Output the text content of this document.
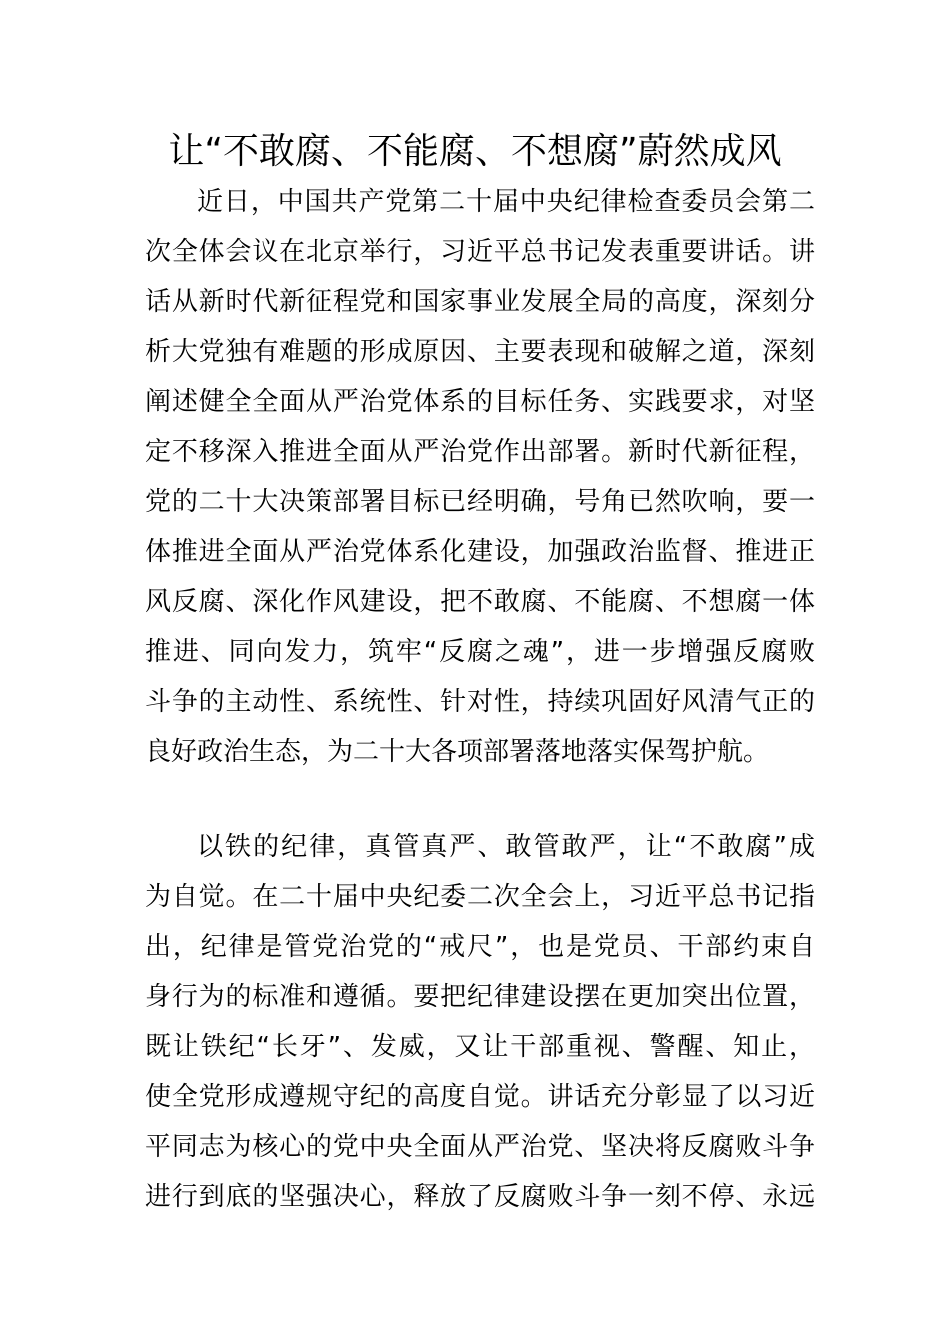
让“不敢腐、不能腐、不想腐”蔚然成风
近日，中国共产党第二十届中央纪律检查委员会第二
次全体会议在北京举行，习近平总书记发表重要讲话。讲
话从新时代新征程党和国家事业发展全局的高度，深刻分
析大党独有难题的形成原因、主要表现和破解之道，深刻
阐述健全全面从严治党体系的目标任务、实践要求，对坚
定不移深入推进全面从严治党作出部署。新时代新征程，
党的二十大决策部署目标已经明确，号角已然吹响，要一
体推进全面从严治党体系化建设，加强政治监督、推进正
风反腐、深化作风建设，把不敢腐、不能腐、不想腐一体
推进、同向发力，筑牢“反腐之魂”，进一步增强反腐败
斗争的主动性、系统性、针对性，持续巩固好风清气正的
良好政治生态，为二十大各项部署落地落实保驾护航。
以铁的纪律，真管真严、敢管敢严，让“不敢腐”成
为自觉。在二十届中央纪委二次全会上，习近平总书记指
出，纪律是管党治党的“戒尺”，也是党员、干部约束自
身行为的标准和遵循。要把纪律建设摆在更加突出位置，
既让铁纪“长牙”、发威，又让干部重视、警醒、知止，
使全党形成遵规守纪的高度自觉。讲话充分彰显了以习近
平同志为核心的党中央全面从严治党、坚决将反腐败斗争
进行到底的坚强决心，释放了反腐败斗争一刻不停、永远
